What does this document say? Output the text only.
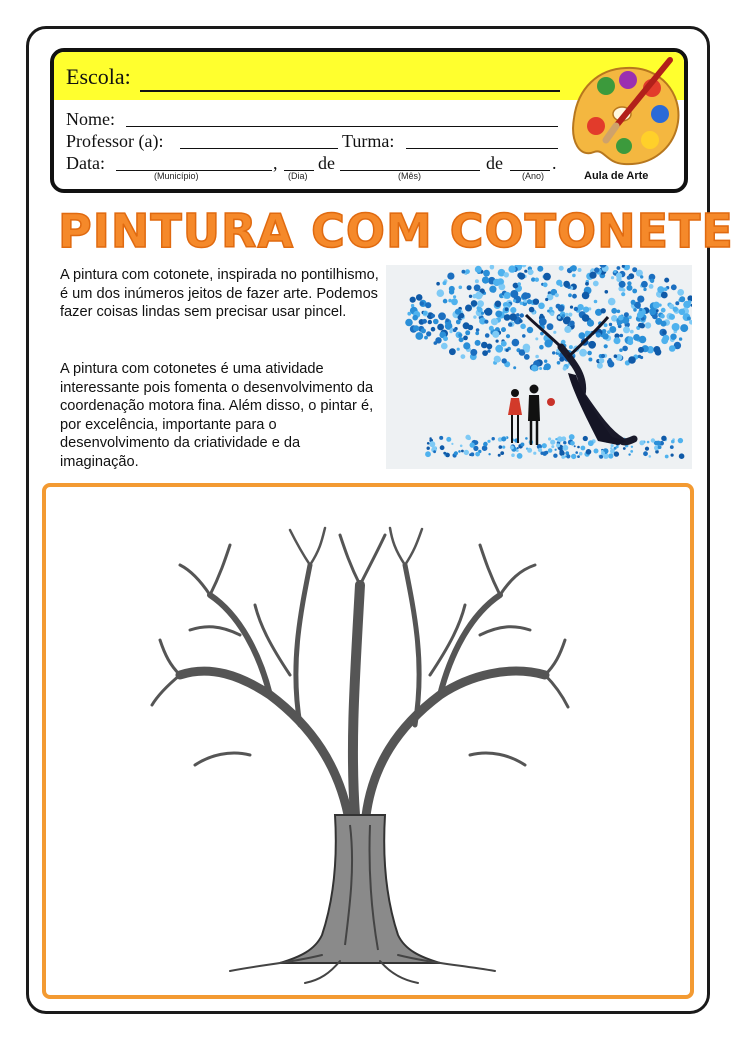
Escola:
Nome:
Professor (a):	Turma:
Data:	, de	de	.
(Município)	(Dia)	(Mês)	(Ano)	Aula de Arte
PINTURA COM COTONETE

A pintura com cotonete, inspirada no pontilhismo, é um dos inúmeros jeitos de fazer arte. Podemos fazer coisas lindas sem precisar usar pincel.

A pintura com cotonetes é uma atividade interessante pois fomenta o desenvolvimento da coordenação motora fina. Além disso, o pintar é, por excelência, importante para o desenvolvimento da criatividade e da imaginação.
